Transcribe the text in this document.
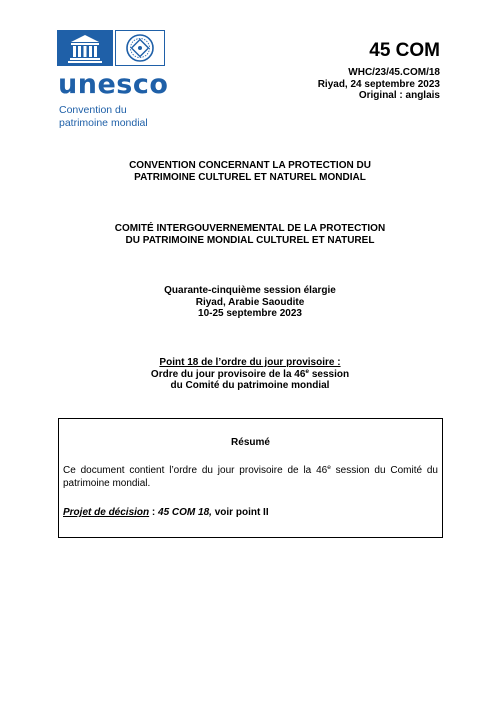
unesco
Convention du
patrimoine mondial
45 COM
WHC/23/45.COM/18
Riyad, 24 septembre 2023
Original : anglais
CONVENTION CONCERNANT LA PROTECTION DU
PATRIMOINE CULTUREL ET NATUREL MONDIAL
COMITÉ INTERGOUVERNEMENTAL DE LA PROTECTION
DU PATRIMOINE MONDIAL CULTUREL ET NATUREL
Quarante-cinquième session élargie
Riyad, Arabie Saoudite
10-25 septembre 2023
Point 18 de l’ordre du jour provisoire :
Ordre du jour provisoire de la 46e session
du Comité du patrimoine mondial
Résumé
Ce document contient l’ordre du jour provisoire de la 46e session du Comité du patrimoine mondial.
Projet de décision : 45 COM 18, voir point II
